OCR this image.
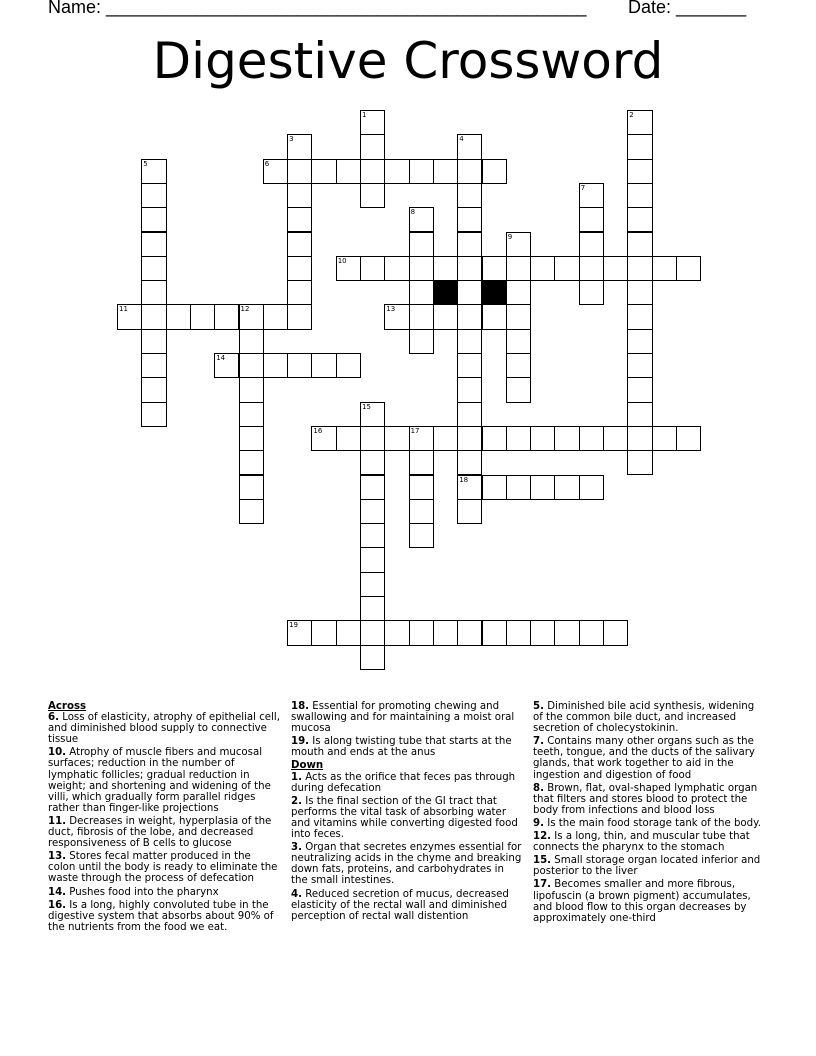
Name: ________________________________________________ Date: _______
Digestive Crossword
6
10
11	12	13
14
16	17
18
19
1	2
3	4
5
7
8
9
15
Across
6. Loss of elasticity, atrophy of epithelial cell, and diminished blood supply to connective tissue
10. Atrophy of muscle fibers and mucosal surfaces; reduction in the number of lymphatic follicles; gradual reduction in weight; and shortening and widening of the villi, which gradually form parallel ridges rather than finger-like projections
11. Decreases in weight, hyperplasia of the duct, fibrosis of the lobe, and decreased responsiveness of B cells to glucose
13. Stores fecal matter produced in the colon until the body is ready to eliminate the waste through the process of defecation
14. Pushes food into the pharynx
16. Is a long, highly convoluted tube in the digestive system that absorbs about 90% of the nutrients from the food we eat.
18. Essential for promoting chewing and swallowing and for maintaining a moist oral mucosa
19. Is along twisting tube that starts at the mouth and ends at the anus
Down
1. Acts as the orifice that feces pas through during defecation
2. Is the final section of the GI tract that performs the vital task of absorbing water and vitamins while converting digested food into feces.
3. Organ that secretes enzymes essential for neutralizing acids in the chyme and breaking down fats, proteins, and carbohydrates in the small intestines.
4. Reduced secretion of mucus, decreased elasticity of the rectal wall and diminished perception of rectal wall distention
5. Diminished bile acid synthesis, widening of the common bile duct, and increased secretion of cholecystokinin.
7. Contains many other organs such as the teeth, tongue, and the ducts of the salivary glands, that work together to aid in the ingestion and digestion of food
8. Brown, flat, oval-shaped lymphatic organ that filters and stores blood to protect the body from infections and blood loss
9. Is the main food storage tank of the body.
12. Is a long, thin, and muscular tube that connects the pharynx to the stomach
15. Small storage organ located inferior and posterior to the liver
17. Becomes smaller and more fibrous, lipofuscin (a brown pigment) accumulates, and blood flow to this organ decreases by approximately one-third
